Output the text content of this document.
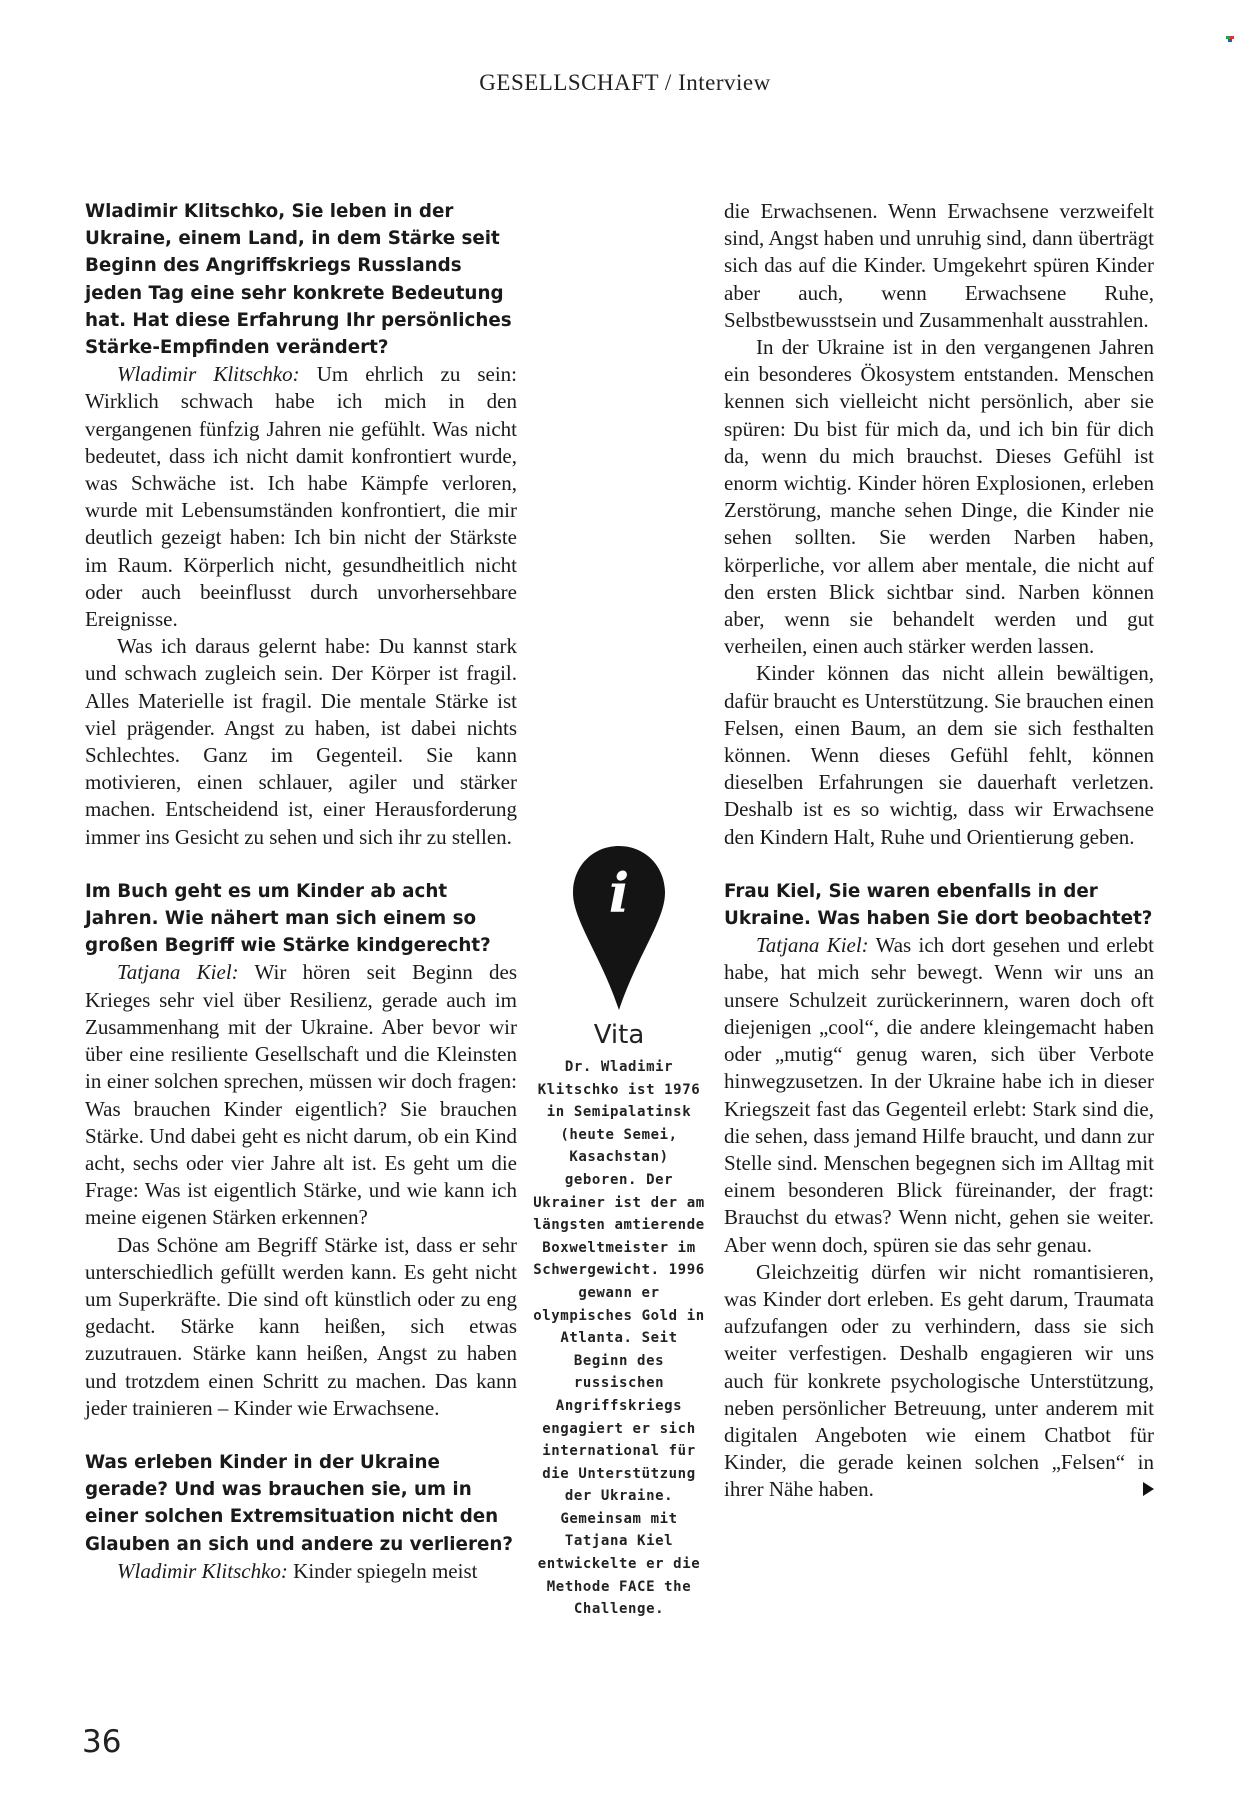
GESELLSCHAFT / Interview

Wladimir Klitschko, Sie leben in der Ukraine, einem Land, in dem Stärke seit Beginn des Angriffskriegs Russlands jeden Tag eine sehr konkrete Bedeutung hat. Hat diese Erfahrung Ihr persönliches Stärke-Empfinden verändert?

Wladimir Klitschko: Um ehrlich zu sein: Wirklich schwach habe ich mich in den vergangenen fünfzig Jahren nie gefühlt. Was nicht bedeutet, dass ich nicht damit konfrontiert wurde, was Schwäche ist. Ich habe Kämpfe verloren, wurde mit Lebensumständen konfrontiert, die mir deutlich gezeigt haben: Ich bin nicht der Stärkste im Raum. Körperlich nicht, gesundheitlich nicht oder auch beeinflusst durch unvorhersehbare Ereignisse.

Was ich daraus gelernt habe: Du kannst stark und schwach zugleich sein. Der Körper ist fragil. Alles Materielle ist fragil. Die mentale Stärke ist viel prägender. Angst zu haben, ist dabei nichts Schlechtes. Ganz im Gegenteil. Sie kann motivieren, einen schlauer, agiler und stärker machen. Entscheidend ist, einer Herausforderung immer ins Gesicht zu sehen und sich ihr zu stellen.

Im Buch geht es um Kinder ab acht Jahren. Wie nähert man sich einem so großen Begriff wie Stärke kindgerecht?

Tatjana Kiel: Wir hören seit Beginn des Krieges sehr viel über Resilienz, gerade auch im Zusammenhang mit der Ukraine. Aber bevor wir über eine resiliente Gesellschaft und die Kleinsten in einer solchen sprechen, müssen wir doch fragen: Was brauchen Kinder eigentlich? Sie brauchen Stärke. Und dabei geht es nicht darum, ob ein Kind acht, sechs oder vier Jahre alt ist. Es geht um die Frage: Was ist eigentlich Stärke, und wie kann ich meine eigenen Stärken erkennen?

Das Schöne am Begriff Stärke ist, dass er sehr unterschiedlich gefüllt werden kann. Es geht nicht um Superkräfte. Die sind oft künstlich oder zu eng gedacht. Stärke kann heißen, sich etwas zuzutrauen. Stärke kann heißen, Angst zu haben und trotzdem einen Schritt zu machen. Das kann jeder trainieren – Kinder wie Erwachsene.

Was erleben Kinder in der Ukraine gerade? Und was brauchen sie, um in einer solchen Extremsituation nicht den Glauben an sich und andere zu verlieren?

Wladimir Klitschko: Kinder spiegeln meist

i
Vita

Dr. Wladimir Klitschko ist 1976 in Semipalatinsk (heute Semei, Kasachstan) geboren. Der Ukrainer ist der am längsten amtierende Boxweltmeister im Schwergewicht. 1996 gewann er olympisches Gold in Atlanta. Seit Beginn des russischen Angriffskriegs engagiert er sich international für die Unterstützung der Ukraine. Gemeinsam mit Tatjana Kiel entwickelte er die Methode FACE the Challenge.

die Erwachsenen. Wenn Erwachsene verzweifelt sind, Angst haben und unruhig sind, dann überträgt sich das auf die Kinder. Umgekehrt spüren Kinder aber auch, wenn Erwachsene Ruhe, Selbstbewusstsein und Zusammenhalt ausstrahlen.

In der Ukraine ist in den vergangenen Jahren ein besonderes Ökosystem entstanden. Menschen kennen sich vielleicht nicht persönlich, aber sie spüren: Du bist für mich da, und ich bin für dich da, wenn du mich brauchst. Dieses Gefühl ist enorm wichtig. Kinder hören Explosionen, erleben Zerstörung, manche sehen Dinge, die Kinder nie sehen sollten. Sie werden Narben haben, körperliche, vor allem aber mentale, die nicht auf den ersten Blick sichtbar sind. Narben können aber, wenn sie behandelt werden und gut verheilen, einen auch stärker werden lassen.

Kinder können das nicht allein bewältigen, dafür braucht es Unterstützung. Sie brauchen einen Felsen, einen Baum, an dem sie sich festhalten können. Wenn dieses Gefühl fehlt, können dieselben Erfahrungen sie dauerhaft verletzen. Deshalb ist es so wichtig, dass wir Erwachsene den Kindern Halt, Ruhe und Orientierung geben.

Frau Kiel, Sie waren ebenfalls in der Ukraine. Was haben Sie dort beobachtet?

Tatjana Kiel: Was ich dort gesehen und erlebt habe, hat mich sehr bewegt. Wenn wir uns an unsere Schulzeit zurückerinnern, waren doch oft diejenigen „cool“, die andere kleingemacht haben oder „mutig“ genug waren, sich über Verbote hinwegzusetzen. In der Ukraine habe ich in dieser Kriegszeit fast das Gegenteil erlebt: Stark sind die, die sehen, dass jemand Hilfe braucht, und dann zur Stelle sind. Menschen begegnen sich im Alltag mit einem besonderen Blick füreinander, der fragt: Brauchst du etwas? Wenn nicht, gehen sie weiter. Aber wenn doch, spüren sie das sehr genau.

Gleichzeitig dürfen wir nicht romantisieren, was Kinder dort erleben. Es geht darum, Traumata aufzufangen oder zu verhindern, dass sie sich weiter verfestigen. Deshalb engagieren wir uns auch für konkrete psychologische Unterstützung, neben persönlicher Betreuung, unter anderem mit digitalen Angeboten wie einem Chatbot für Kinder, die gerade keinen solchen „Felsen“ in ihrer Nähe haben.

36
